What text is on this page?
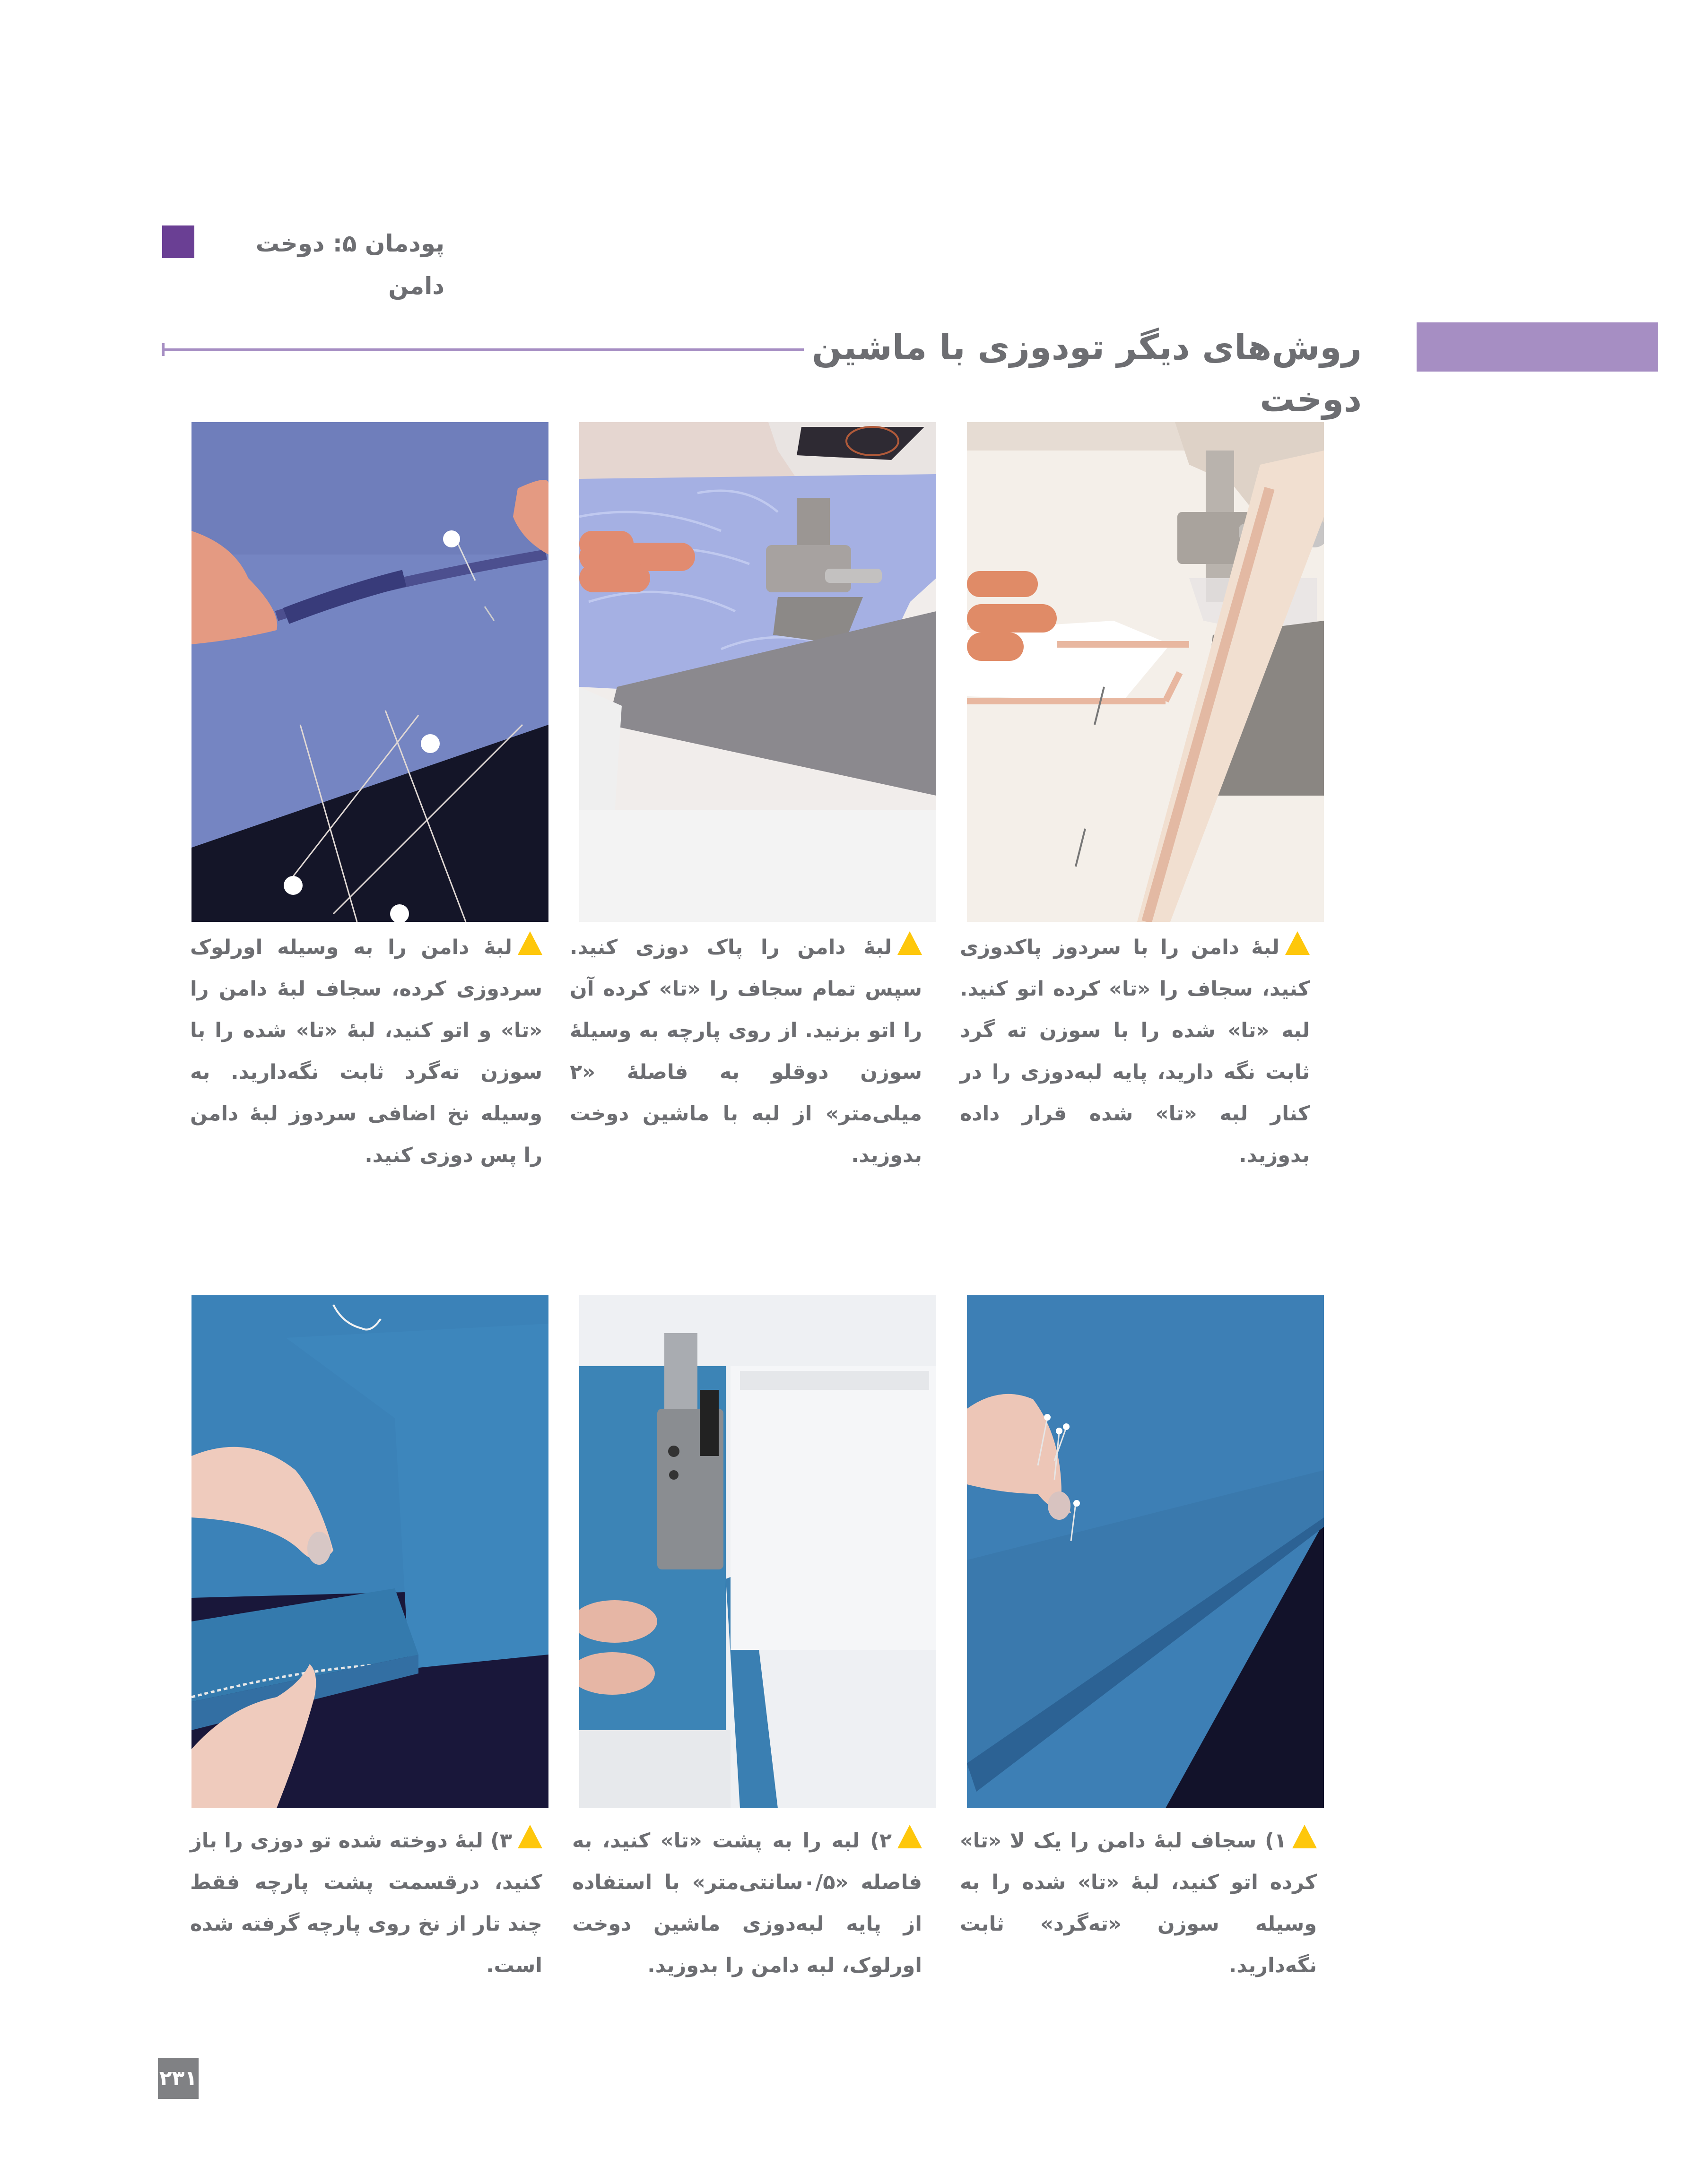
پودمان ۵: دوخت دامن
روش‌های دیگر تودوزی با ماشین دوخت
لبهٔ دامن را با سردوز پاکدوزی کنید، سجاف را «تا» کرده اتو کنید. لبه «تا» شده را با سوزن ته گرد ثابت نگه دارید، پایه لبه‌دوزی را در کنار لبه «تا» شده قرار داده بدوزید.
لبهٔ دامن را پاک دوزی کنید. سپس تمام سجاف را «تا» کرده آن را اتو بزنید. از روی پارچه به وسیلهٔ سوزن دوقلو به فاصلهٔ «۲ میلی‌متر» از لبه با ماشین دوخت بدوزید.
لبهٔ دامن را به وسیله اورلوک سردوزی کرده، سجاف لبهٔ دامن را «تا» و اتو کنید، لبهٔ «تا» شده را با سوزن ته‌گرد ثابت نگه‌دارید. به وسیله نخ اضافی سردوز لبهٔ دامن را پس دوزی کنید.
۱) سجاف لبهٔ دامن را یک لا «تا» کرده اتو کنید، لبهٔ «تا» شده را به وسیله سوزن «ته‌گرد» ثابت نگه‌دارید.
۲) لبه را به پشت «تا» کنید، به فاصله «۰/۵سانتی‌متر» با استفاده از پایه لبه‌دوزی ماشین دوخت اورلوک، لبه دامن را بدوزید.
۳) لبهٔ دوخته شده تو دوزی را باز کنید، درقسمت پشت پارچه فقط چند تار از نخ روی پارچه گرفته شده است.
۲۳۱
